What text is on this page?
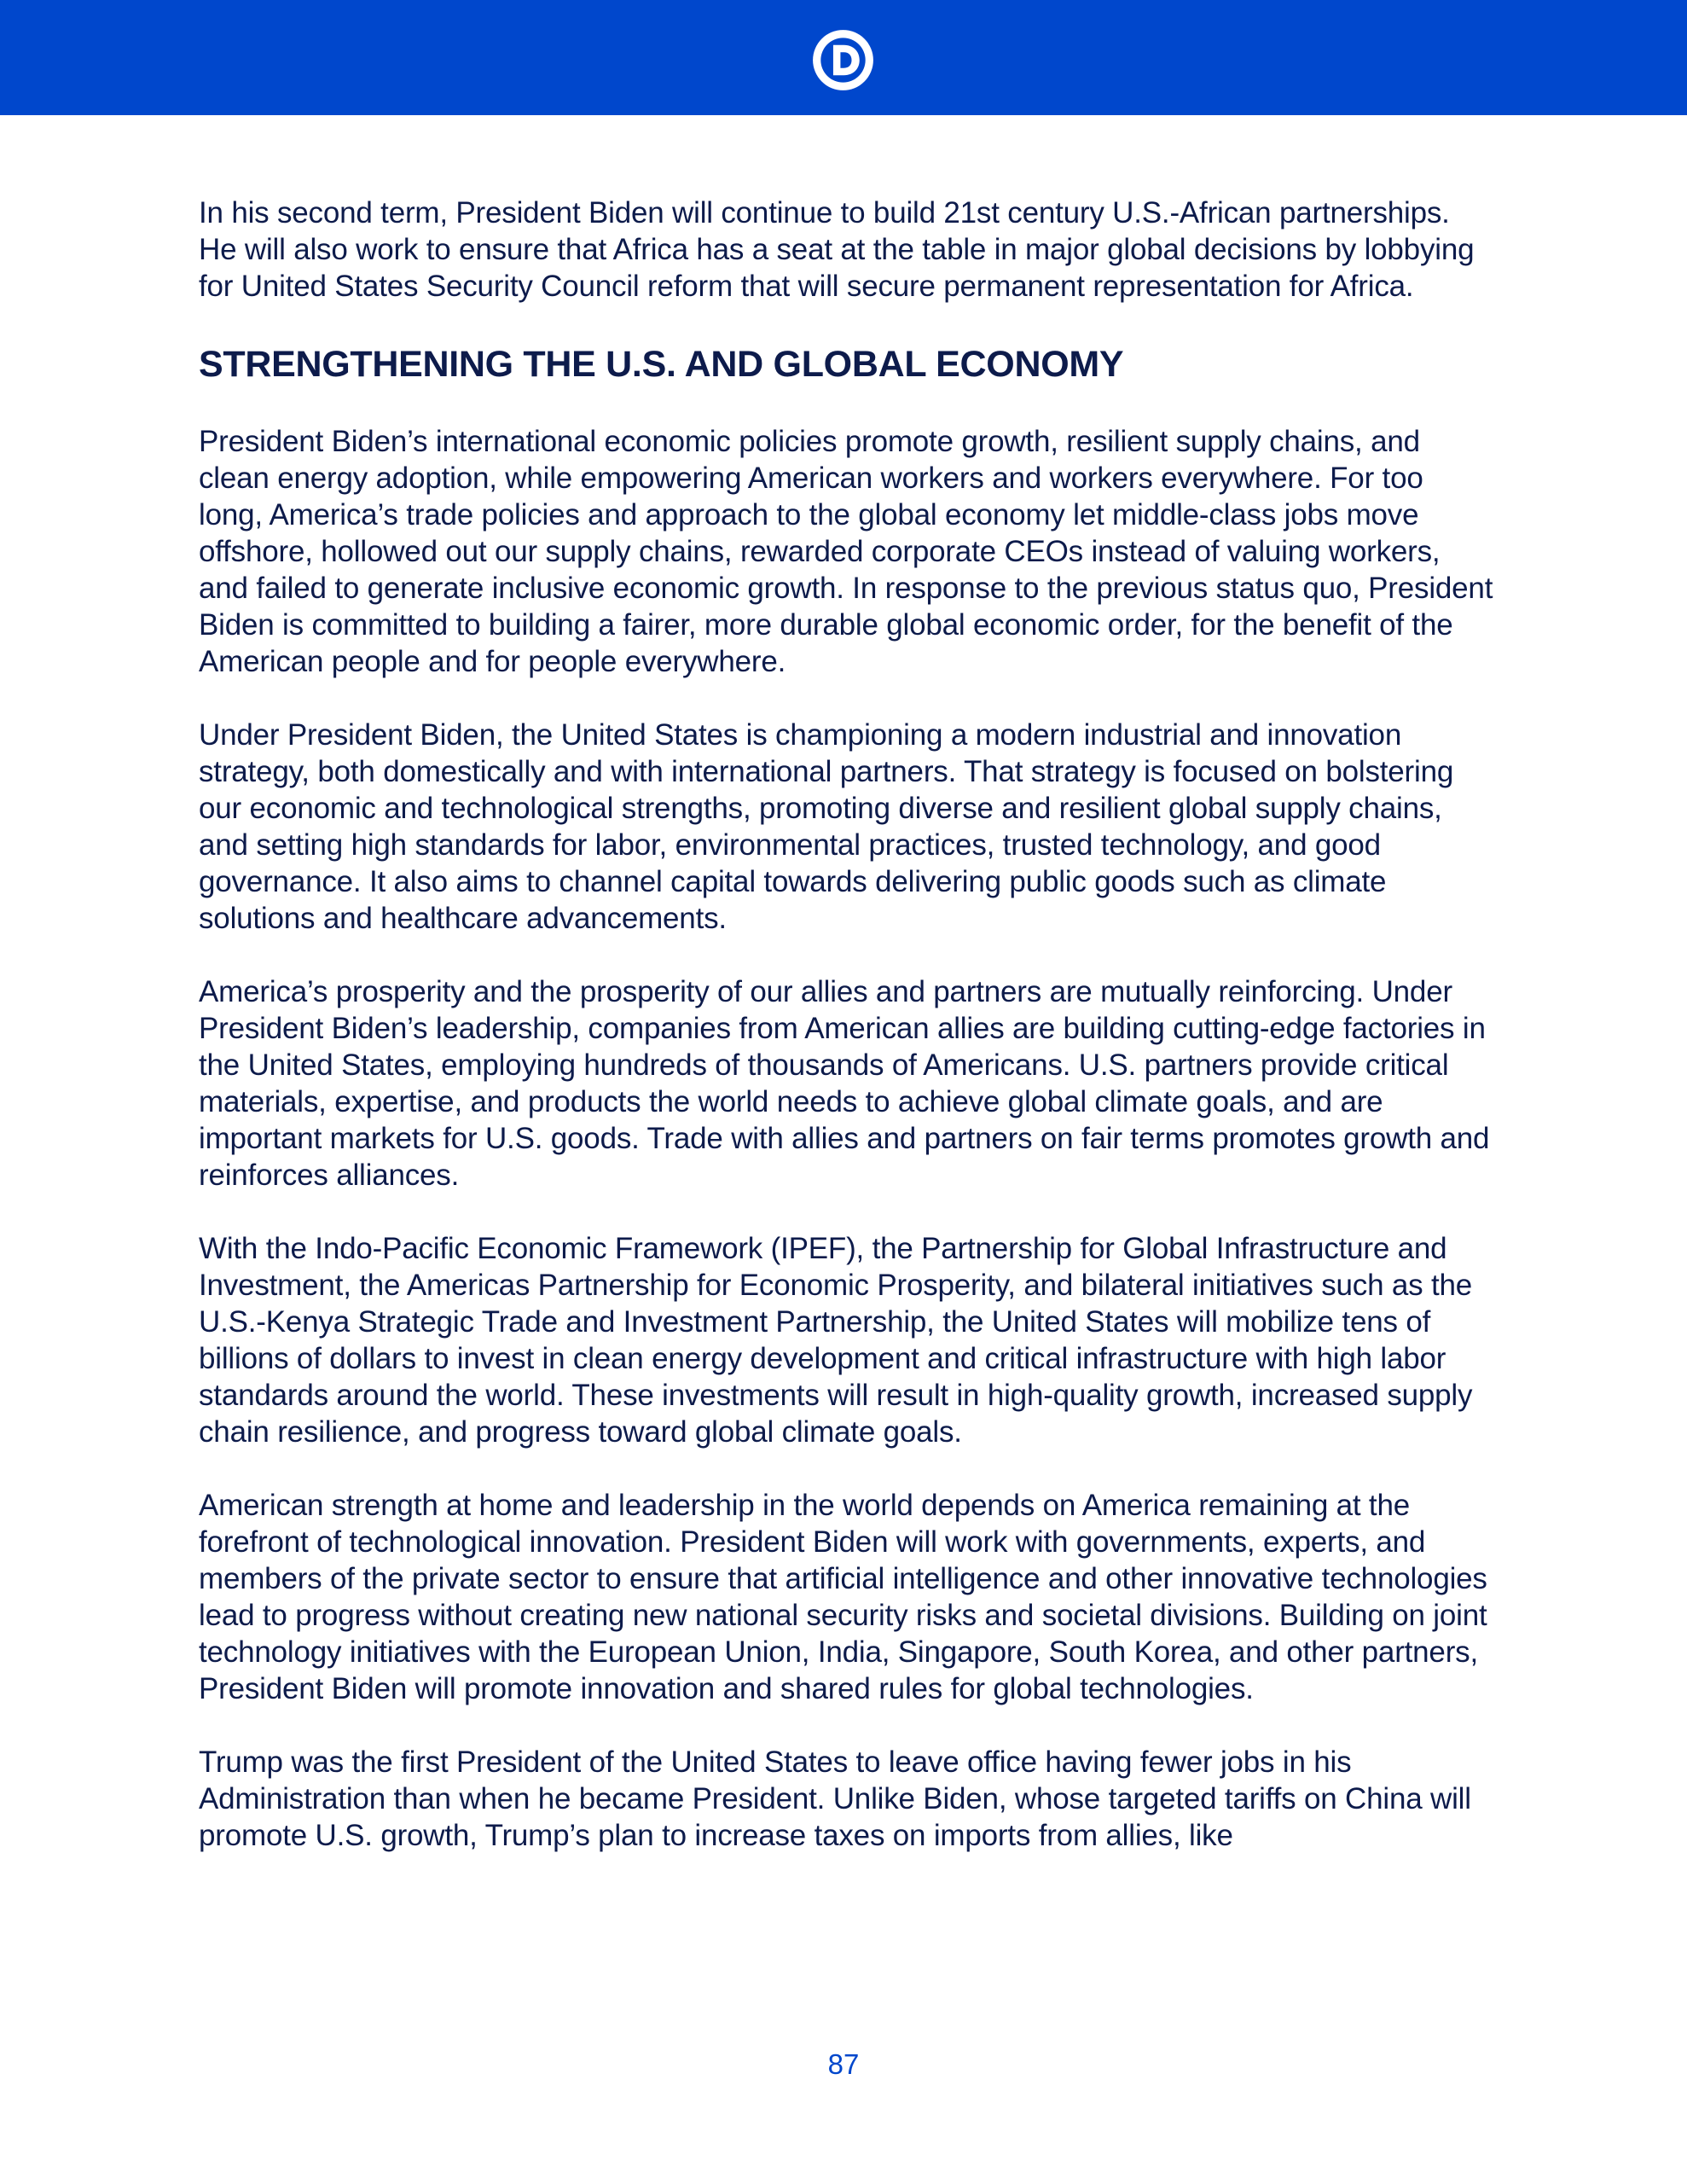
In his second term, President Biden will continue to build 21st century U.S.-African partnerships. He will also work to ensure that Africa has a seat at the table in major global decisions by lobbying for United States Security Council reform that will secure permanent representation for Africa.

STRENGTHENING THE U.S. AND GLOBAL ECONOMY

President Biden’s international economic policies promote growth, resilient supply chains, and clean energy adoption, while empowering American workers and workers everywhere. For too long, America’s trade policies and approach to the global economy let middle-class jobs move offshore, hollowed out our supply chains, rewarded corporate CEOs instead of valuing workers, and failed to generate inclusive economic growth. In response to the previous status quo, President Biden is committed to building a fairer, more durable global economic order, for the benefit of the American people and for people everywhere.

Under President Biden, the United States is championing a modern industrial and innovation strategy, both domestically and with international partners. That strategy is focused on bolstering our economic and technological strengths, promoting diverse and resilient global supply chains, and setting high standards for labor, environmental practices, trusted technology, and good governance. It also aims to channel capital towards delivering public goods such as climate solutions and healthcare advancements.

America’s prosperity and the prosperity of our allies and partners are mutually reinforcing. Under President Biden’s leadership, companies from American allies are building cutting-edge factories in the United States, employing hundreds of thousands of Americans. U.S. partners provide critical materials, expertise, and products the world needs to achieve global climate goals, and are important markets for U.S. goods. Trade with allies and partners on fair terms promotes growth and reinforces alliances.

With the Indo-Pacific Economic Framework (IPEF), the Partnership for Global Infrastructure and Investment, the Americas Partnership for Economic Prosperity, and bilateral initiatives such as the U.S.-Kenya Strategic Trade and Investment Partnership, the United States will mobilize tens of billions of dollars to invest in clean energy development and critical infrastructure with high labor standards around the world. These investments will result in high-quality growth, increased supply chain resilience, and progress toward global climate goals.

American strength at home and leadership in the world depends on America remaining at the forefront of technological innovation. President Biden will work with governments, experts, and members of the private sector to ensure that artificial intelligence and other innovative technologies lead to progress without creating new national security risks and societal divisions. Building on joint technology initiatives with the European Union, India, Singapore, South Korea, and other partners, President Biden will promote innovation and shared rules for global technologies.

Trump was the first President of the United States to leave office having fewer jobs in his Administration than when he became President. Unlike Biden, whose targeted tariffs on China will promote U.S. growth, Trump’s plan to increase taxes on imports from allies, like

87
